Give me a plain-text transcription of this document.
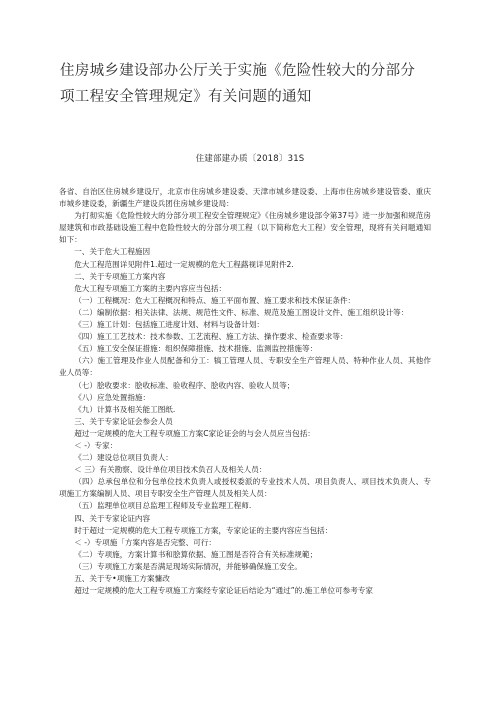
住房城乡建设部办公厅关于实施《危险性较大的分部分
项工程安全管理规定》有关问题的通知
住建部建办质〔2018〕31S

各省、自治区住房城乡建设厅，北京市住房城乡建设委、天津市城乡建设委、上海市住房城乡建设管委、重庆市城乡建设委，新疆生产建设兵团住房城乡建设局：

为打彻实施《危险性较大的分部分项工程安全管理规定》《住房城乡建设部令第37号》进一步加强和规范房屋建筑和市政基础设施工程中危险性较大的分部分项工程（以下简称危大工程）安全管理，现将有关问题通知如下：

一、关于危大工程施因

危大工程范围详见附件1.超过一定规模的危大工程蕗视详见附件2.

二、关于专项施工方案内容

危大工程专项施工方案的主要内容应当包括：

（一）工程概况：危大工程概况和特点、施工平面布置、施工要求和技术保证条件：

（二）编制依据：相关法律、法规、规范性文件、标准、规范及施工图设计文件、施工组织设计等：

《三）施工计划：包括施工进度计划、材料与设备计划：

《四）施工工艺技术：技术参数、工艺流程、施工方法、操作要求、检查要求等：

《五）施工安全保证措施：组织保障措施、技术措施、监测监控措施等：

（六）施工管理及作业人员配备和分工：犒工管理人员、专职安全生产管理人员、特种作业人员、其他作业人员等：

（七）脍收要求：脍收标准、验收程序、脍收内容、验收人员等；

《八）应急处置指施：

《九）计算书及相关能工图纸.

三、关于专家论证会参会人员

超过一定规模的危大工程专项施工方案C家论证会的与会人员应当包括：

＜ -）专家：

《二）建设总位项目负责人：

＜ 三）有关勘察、设计单位项目技术负召人及相关人员：

（四）总承包单位和分包单位技术负责人或授权委派的专业技术人员、项目负责人、项目技术负责人、专项施工方案编制人员、项目专职安全生产管理人员及相关人员：

（五）监理单位项目总监理工程师及专业监理工程师.

四、关于专家论证内容

时于超过一定规模的危大工程专项施工方案，专家论证的主要内容应当包括：

＜ -）专项施「方案内容是否完整、可行：

《二）专项施，方案计算书和脍算依据、施工图是否符合有关标准规範；

（三）专项施工方案是否满足现场实际情况，并能够确保施工安全。

五、关于专•项施工方案慵改

超过一定规模的危大工程专项施工方案经专家论证后结论为“通过”的.施工单位可参考专家
